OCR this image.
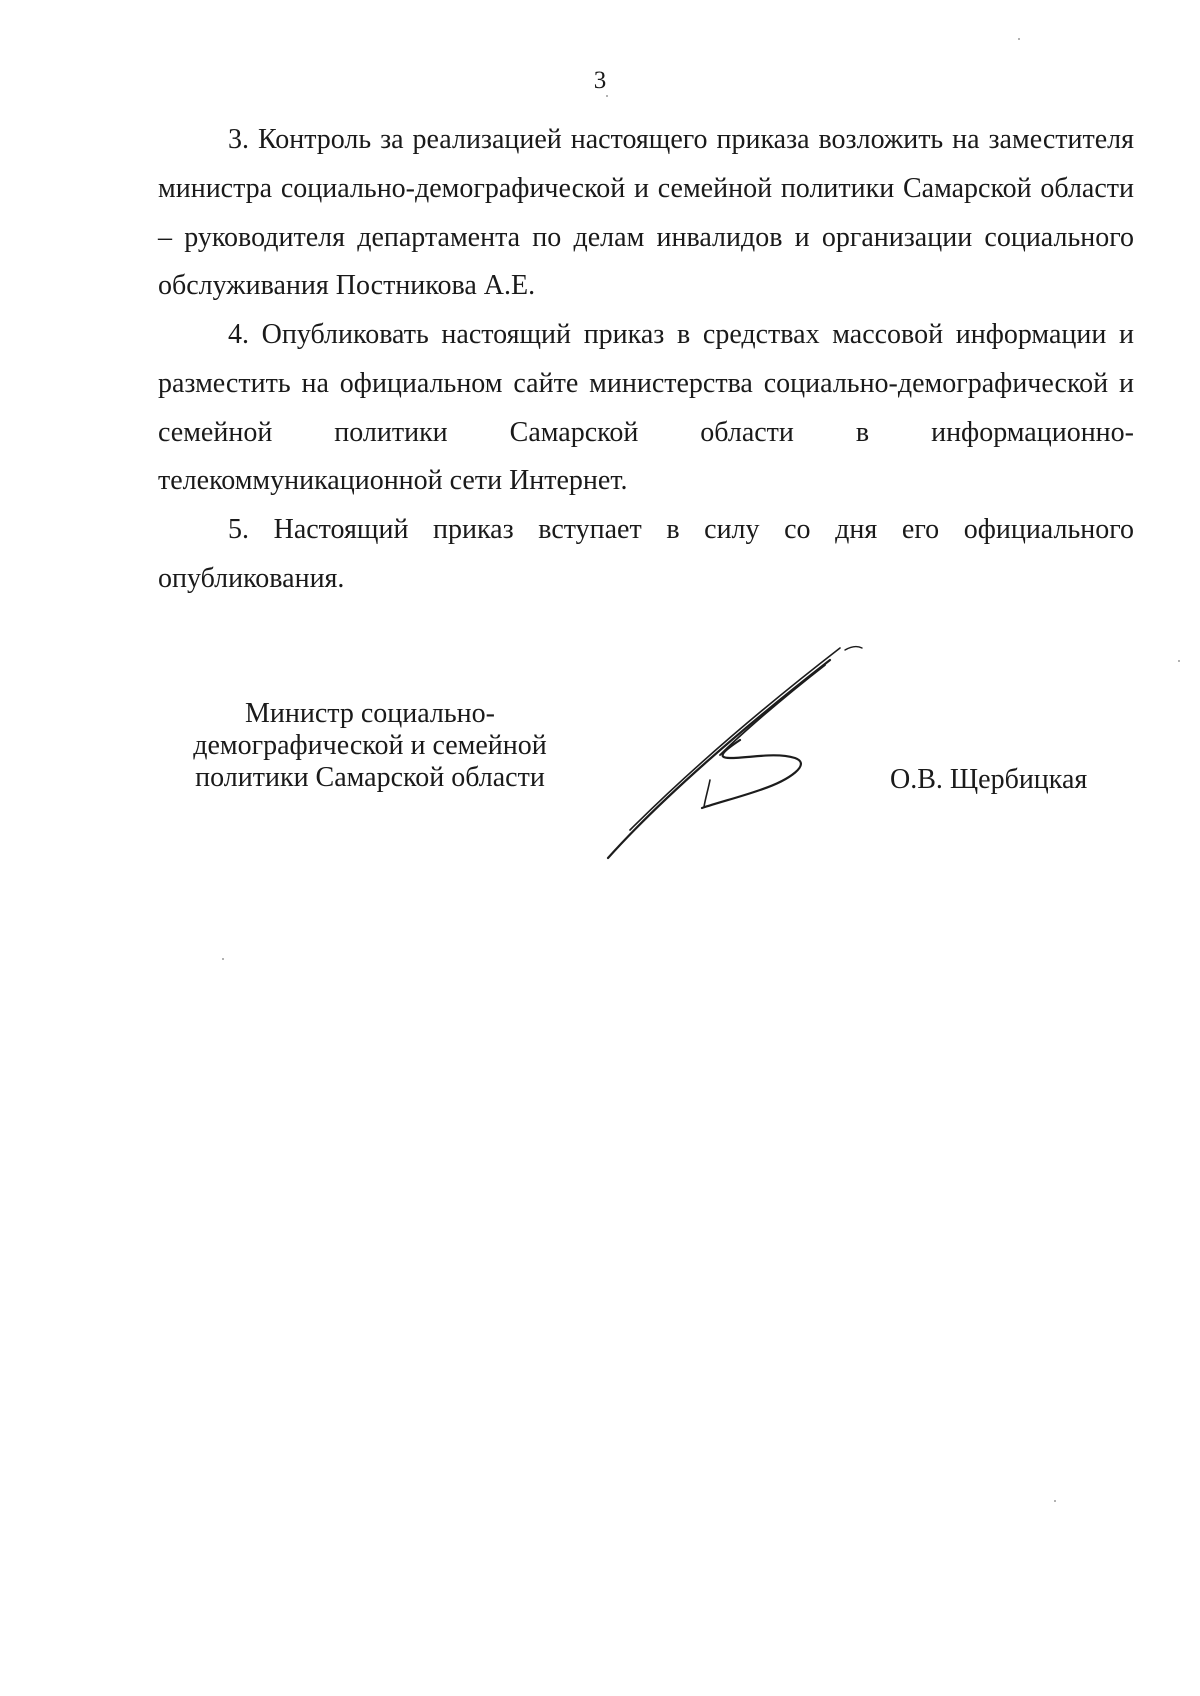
3

3. Контроль за реализацией настоящего приказа возложить на заместителя министра социально-демографической и семейной политики Самарской области – руководителя департамента по делам инвалидов и организации социального обслуживания Постникова А.Е.

4. Опубликовать настоящий приказ в средствах массовой информации и разместить на официальном сайте министерства социально-демографической и семейной политики Самарской области в информационно-телекоммуникационной сети Интернет.

5. Настоящий приказ вступает в силу со дня его официального опубликования.

Министр социально-
демографической и семейной
политики Самарской области	О.В. Щербицкая
